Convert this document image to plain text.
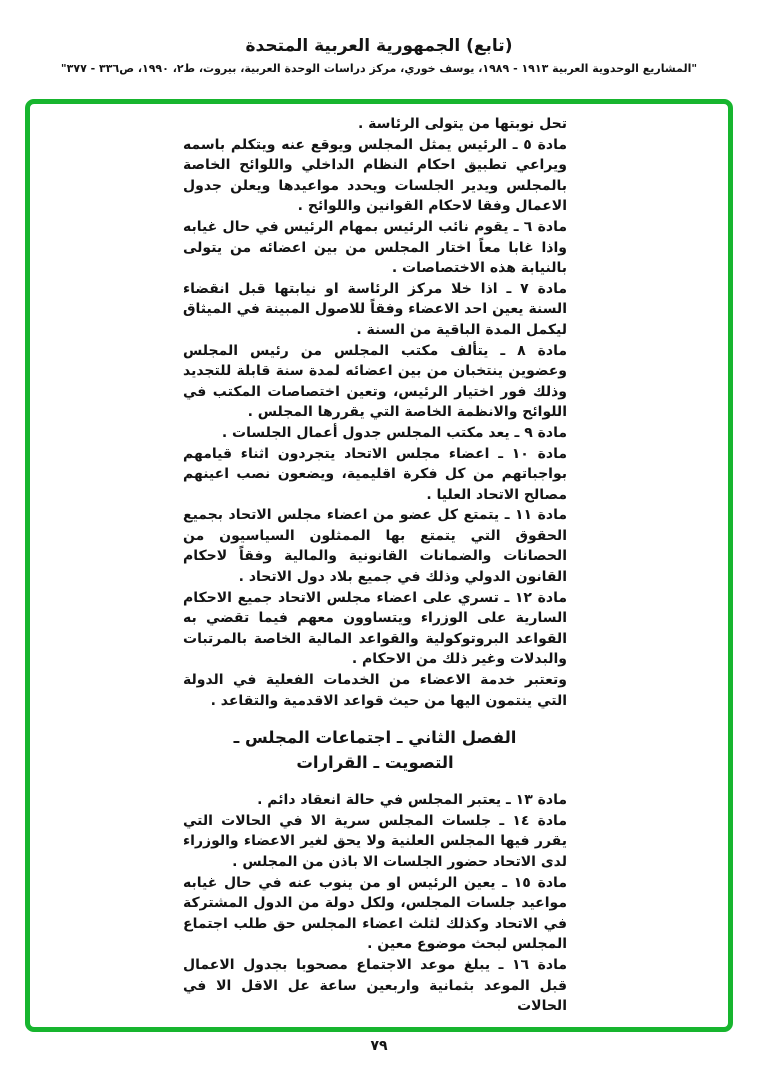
(تابع) الجمهورية العربية المتحدة
"المشاريع الوحدوية العربية ١٩١٣ - ١٩٨٩، يوسف خوري، مركز دراسات الوحدة العربية، بيروت، ط٢، ١٩٩٠، ص٣٣٦ - ٣٧٧"

تحل نوبتها من يتولى الرئاسة .

مادة ٥ ـ الرئيس يمثل المجلس ويوقع عنه ويتكلم باسمه ويراعي تطبيق احكام النظام الداخلي واللوائح الخاصة بالمجلس ويدير الجلسات ويحدد مواعيدها ويعلن جدول الاعمال وفقا لاحكام القوانين واللوائح .

مادة ٦ ـ يقوم نائب الرئيس بمهام الرئيس في حال غيابه واذا غابا معاً اختار المجلس من بين اعضائه من يتولى بالنيابة هذه الاختصاصات .

مادة ٧ ـ اذا خلا مركز الرئاسة او نيابتها قبل انقضاء السنة يعين احد الاعضاء وفقاً للاصول المبينة في الميثاق ليكمل المدة الباقية من السنة .

مادة ٨ ـ يتألف مكتب المجلس من رئيس المجلس وعضوين ينتخبان من بين اعضائه لمدة سنة قابلة للتجديد وذلك فور اختيار الرئيس، وتعين اختصاصات المكتب في اللوائح والانظمة الخاصة التي يقررها المجلس .

مادة ٩ ـ يعد مكتب المجلس جدول أعمال الجلسات .

مادة ١٠ ـ اعضاء مجلس الاتحاد يتجردون اثناء قيامهم بواجباتهم من كل فكرة اقليمية، ويضعون نصب اعينهم مصالح الاتحاد العليا .

مادة ١١ ـ يتمتع كل عضو من اعضاء مجلس الاتحاد بجميع الحقوق التي يتمتع بها الممثلون السياسيون من الحصانات والضمانات القانونية والمالية وفقاً لاحكام القانون الدولي وذلك في جميع بلاد دول الاتحاد .

مادة ١٢ ـ تسري على اعضاء مجلس الاتحاد جميع الاحكام السارية على الوزراء ويتساوون معهم فيما تقضي به القواعد البروتوكولية والقواعد المالية الخاصة بالمرتبات والبدلات وغير ذلك من الاحكام .

وتعتبر خدمة الاعضاء من الخدمات الفعلية في الدولة التي ينتمون اليها من حيث قواعد الاقدمية والتقاعد .

الفصل الثاني ـ اجتماعات المجلس ـ
التصويت ـ القرارات

مادة ١٣ ـ يعتبر المجلس في حالة انعقاد دائم .

مادة ١٤ ـ جلسات المجلس سرية الا في الحالات التي يقرر فيها المجلس العلنية ولا يحق لغير الاعضاء والوزراء لدى الاتحاد حضور الجلسات الا باذن من المجلس .

مادة ١٥ ـ يعين الرئيس او من ينوب عنه في حال غيابه مواعيد جلسات المجلس، ولكل دولة من الدول المشتركة في الاتحاد وكذلك لثلث اعضاء المجلس حق طلب اجتماع المجلس لبحث موضوع معين .

مادة ١٦ ـ يبلغ موعد الاجتماع مصحوبا بجدول الاعمال قبل الموعد بثمانية واربعين ساعة عل الاقل الا في الحالات

٧٩
